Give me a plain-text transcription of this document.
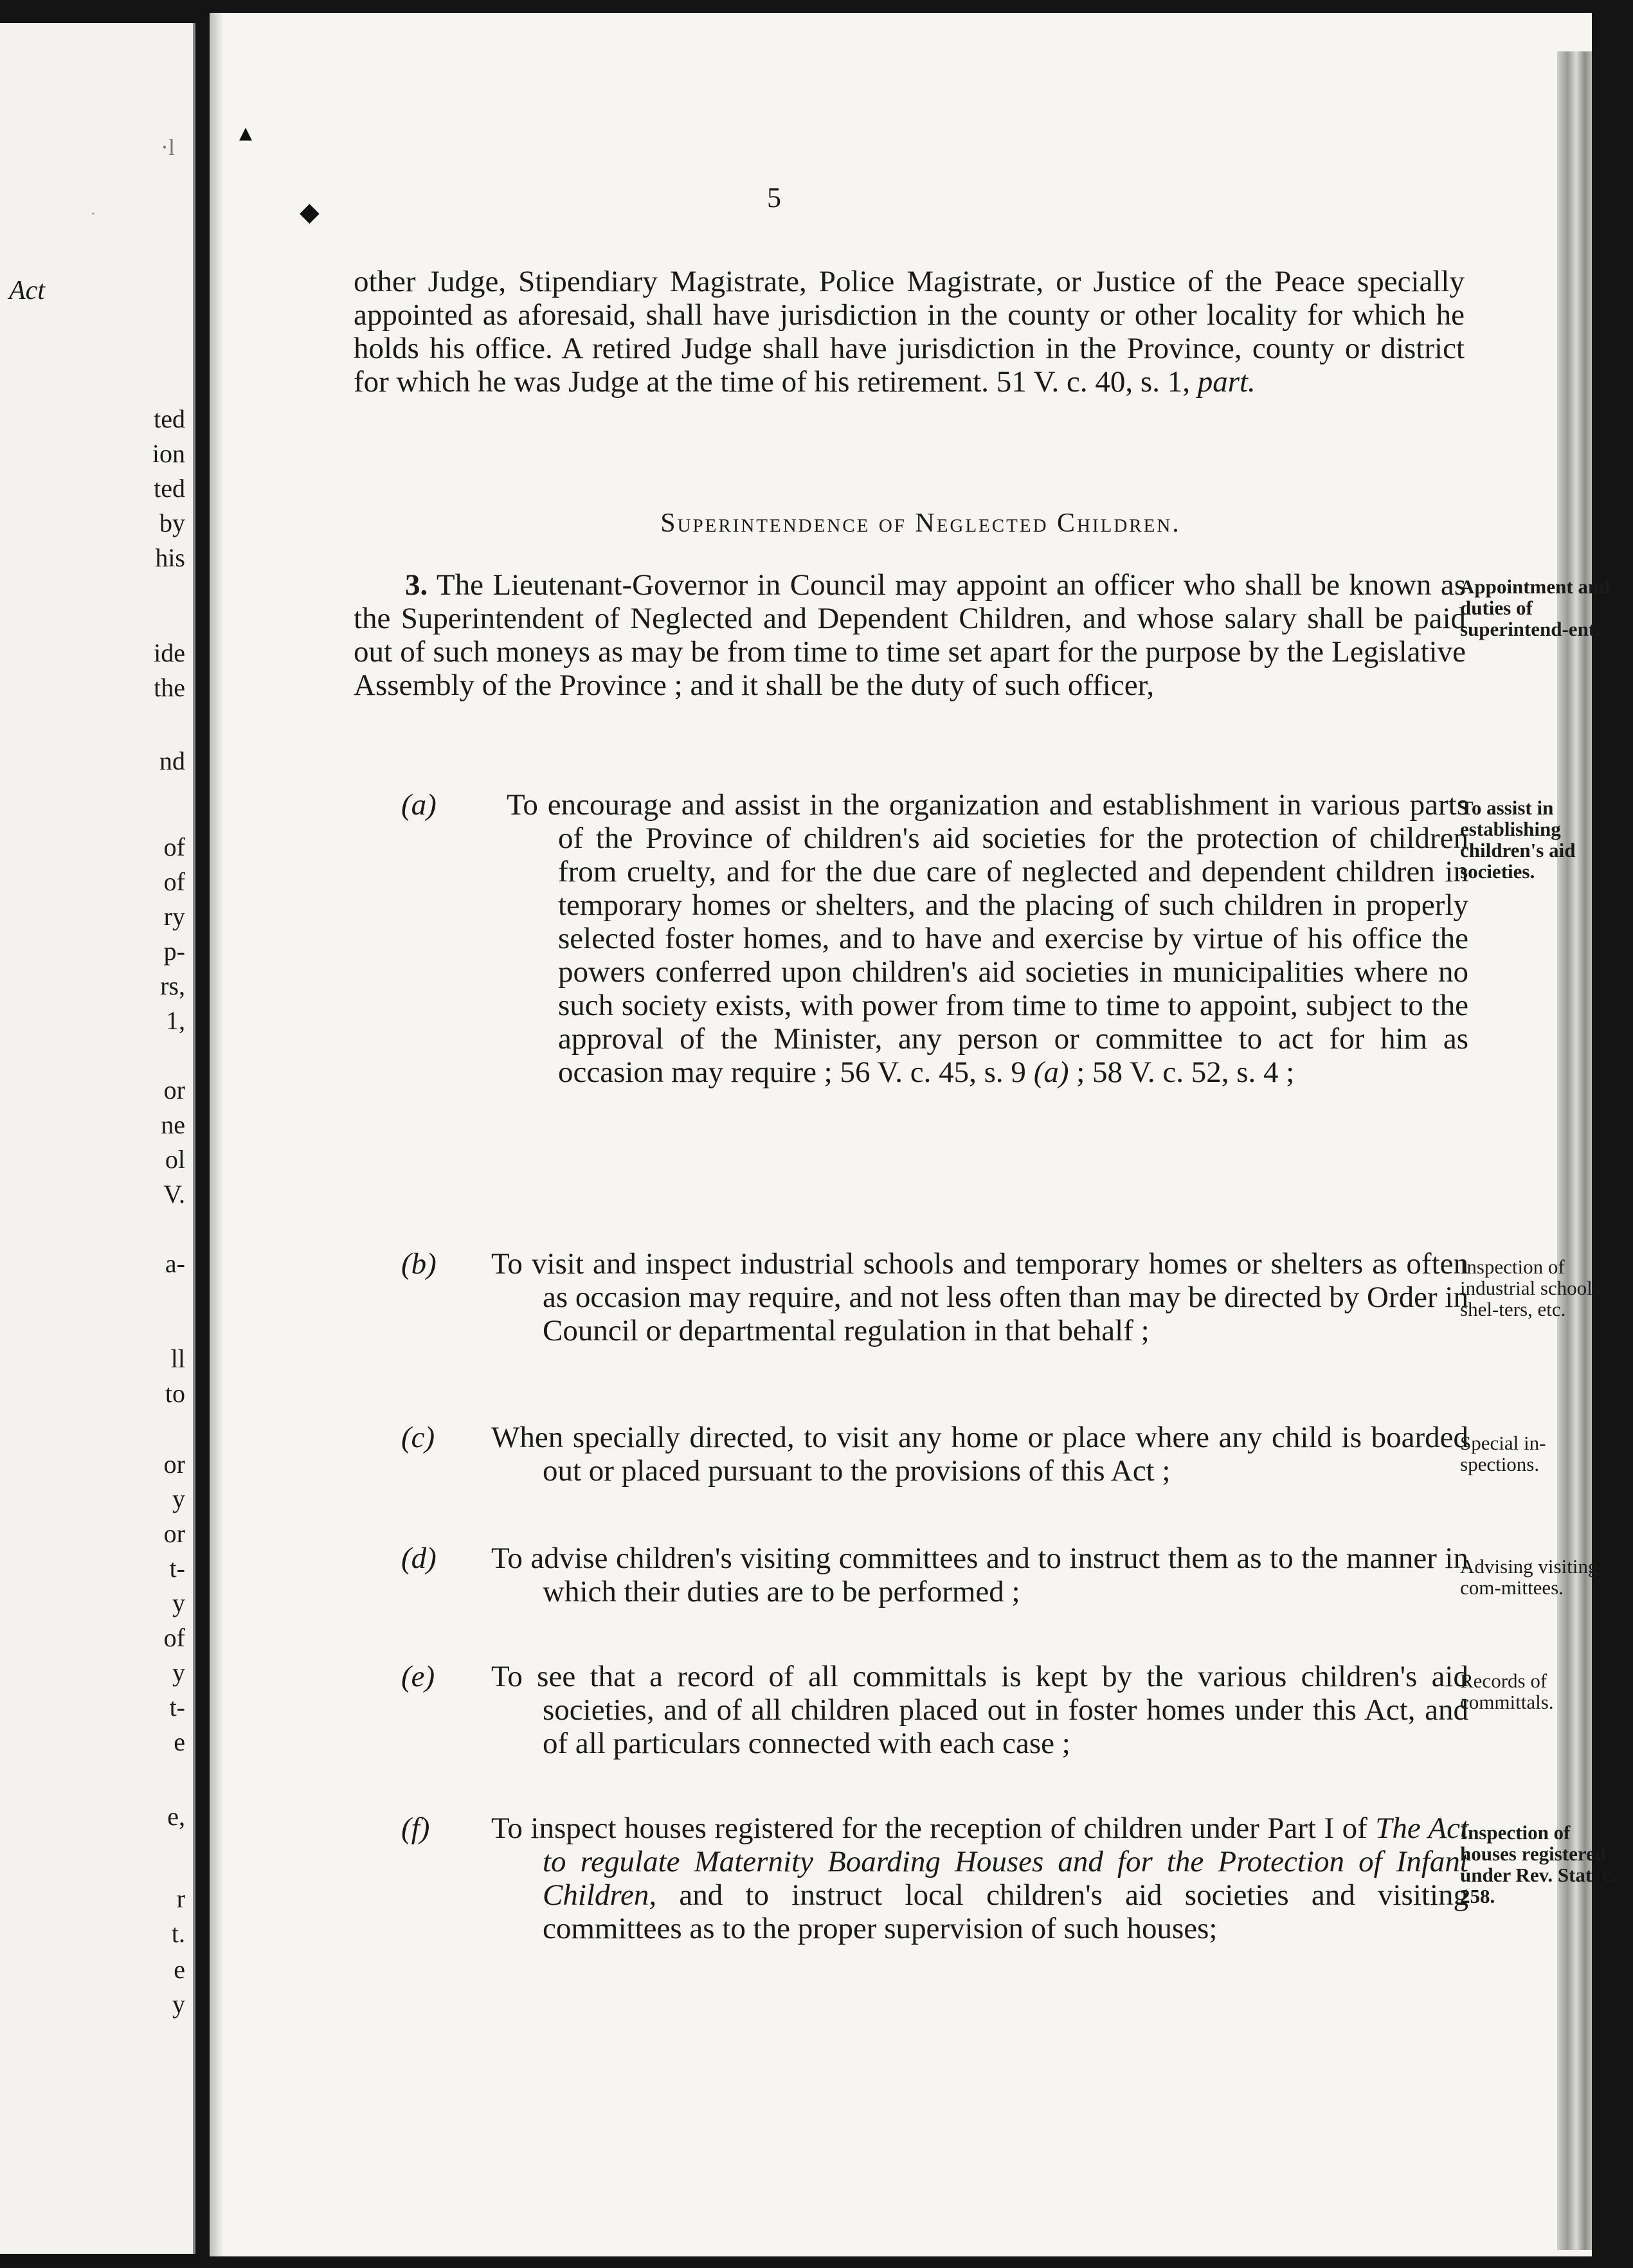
·l
·
Act
ted
ion
ted
by
his
ide
the
nd
of
of
ry
p-
rs,
1,
or
ne
ol
V.
a-
ll
to
or
y
or
t-
y
of
y
t-
e
e,
r
t.
e
y
▴
◆	5
other Judge, Stipendiary Magistrate, Police Magistrate, or Justice of the Peace specially appointed as aforesaid, shall have jurisdiction in the county or other locality for which he holds his office. A retired Judge shall have jurisdiction in the Province, county or district for which he was Judge at the time of his retirement. 51 V. c. 40, s. 1, part.
Superintendence of Neglected Children.
3. The Lieutenant-Governor in Council may appoint an officer who shall be known as the Superintendent of Neglected and Dependent Children, and whose salary shall be paid out of such moneys as may be from time to time set apart for the purpose by the Legislative Assembly of the Province ; and it shall be the duty of such officer,
Appointment and duties of superintend-ent.
(a) To encourage and assist in the organization and establishment in various parts of the Province of children's aid societies for the protection of children from cruelty, and for the due care of neglected and dependent children in temporary homes or shelters, and the placing of such children in properly selected foster homes, and to have and exercise by virtue of his office the powers conferred upon children's aid societies in municipalities where no such society exists, with power from time to time to appoint, subject to the approval of the Minister, any person or committee to act for him as occasion may require ; 56 V. c. 45, s. 9 (a) ; 58 V. c. 52, s. 4 ;
To assist in establishing children's aid societies.
(b) To visit and inspect industrial schools and temporary homes or shelters as often as occasion may require, and not less often than may be directed by Order in Council or departmental regulation in that behalf ;
Inspection of industrial schools, shel-ters, etc.
(c) When specially directed, to visit any home or place where any child is boarded out or placed pursuant to the provisions of this Act ;
Special in-spections.
(d) To advise children's visiting committees and to instruct them as to the manner in which their duties are to be performed ;
Advising visiting com-mittees.
(e) To see that a record of all committals is kept by the various children's aid societies, and of all children placed out in foster homes under this Act, and of all particulars connected with each case ;
Records of committals.
(f) To inspect houses registered for the reception of children under Part I of The Act to regulate Maternity Boarding Houses and for the Protection of Infant Children, and to instruct local children's aid societies and visiting committees as to the proper supervision of such houses;
Inspection of houses registered under Rev. Stat. c. 258.
